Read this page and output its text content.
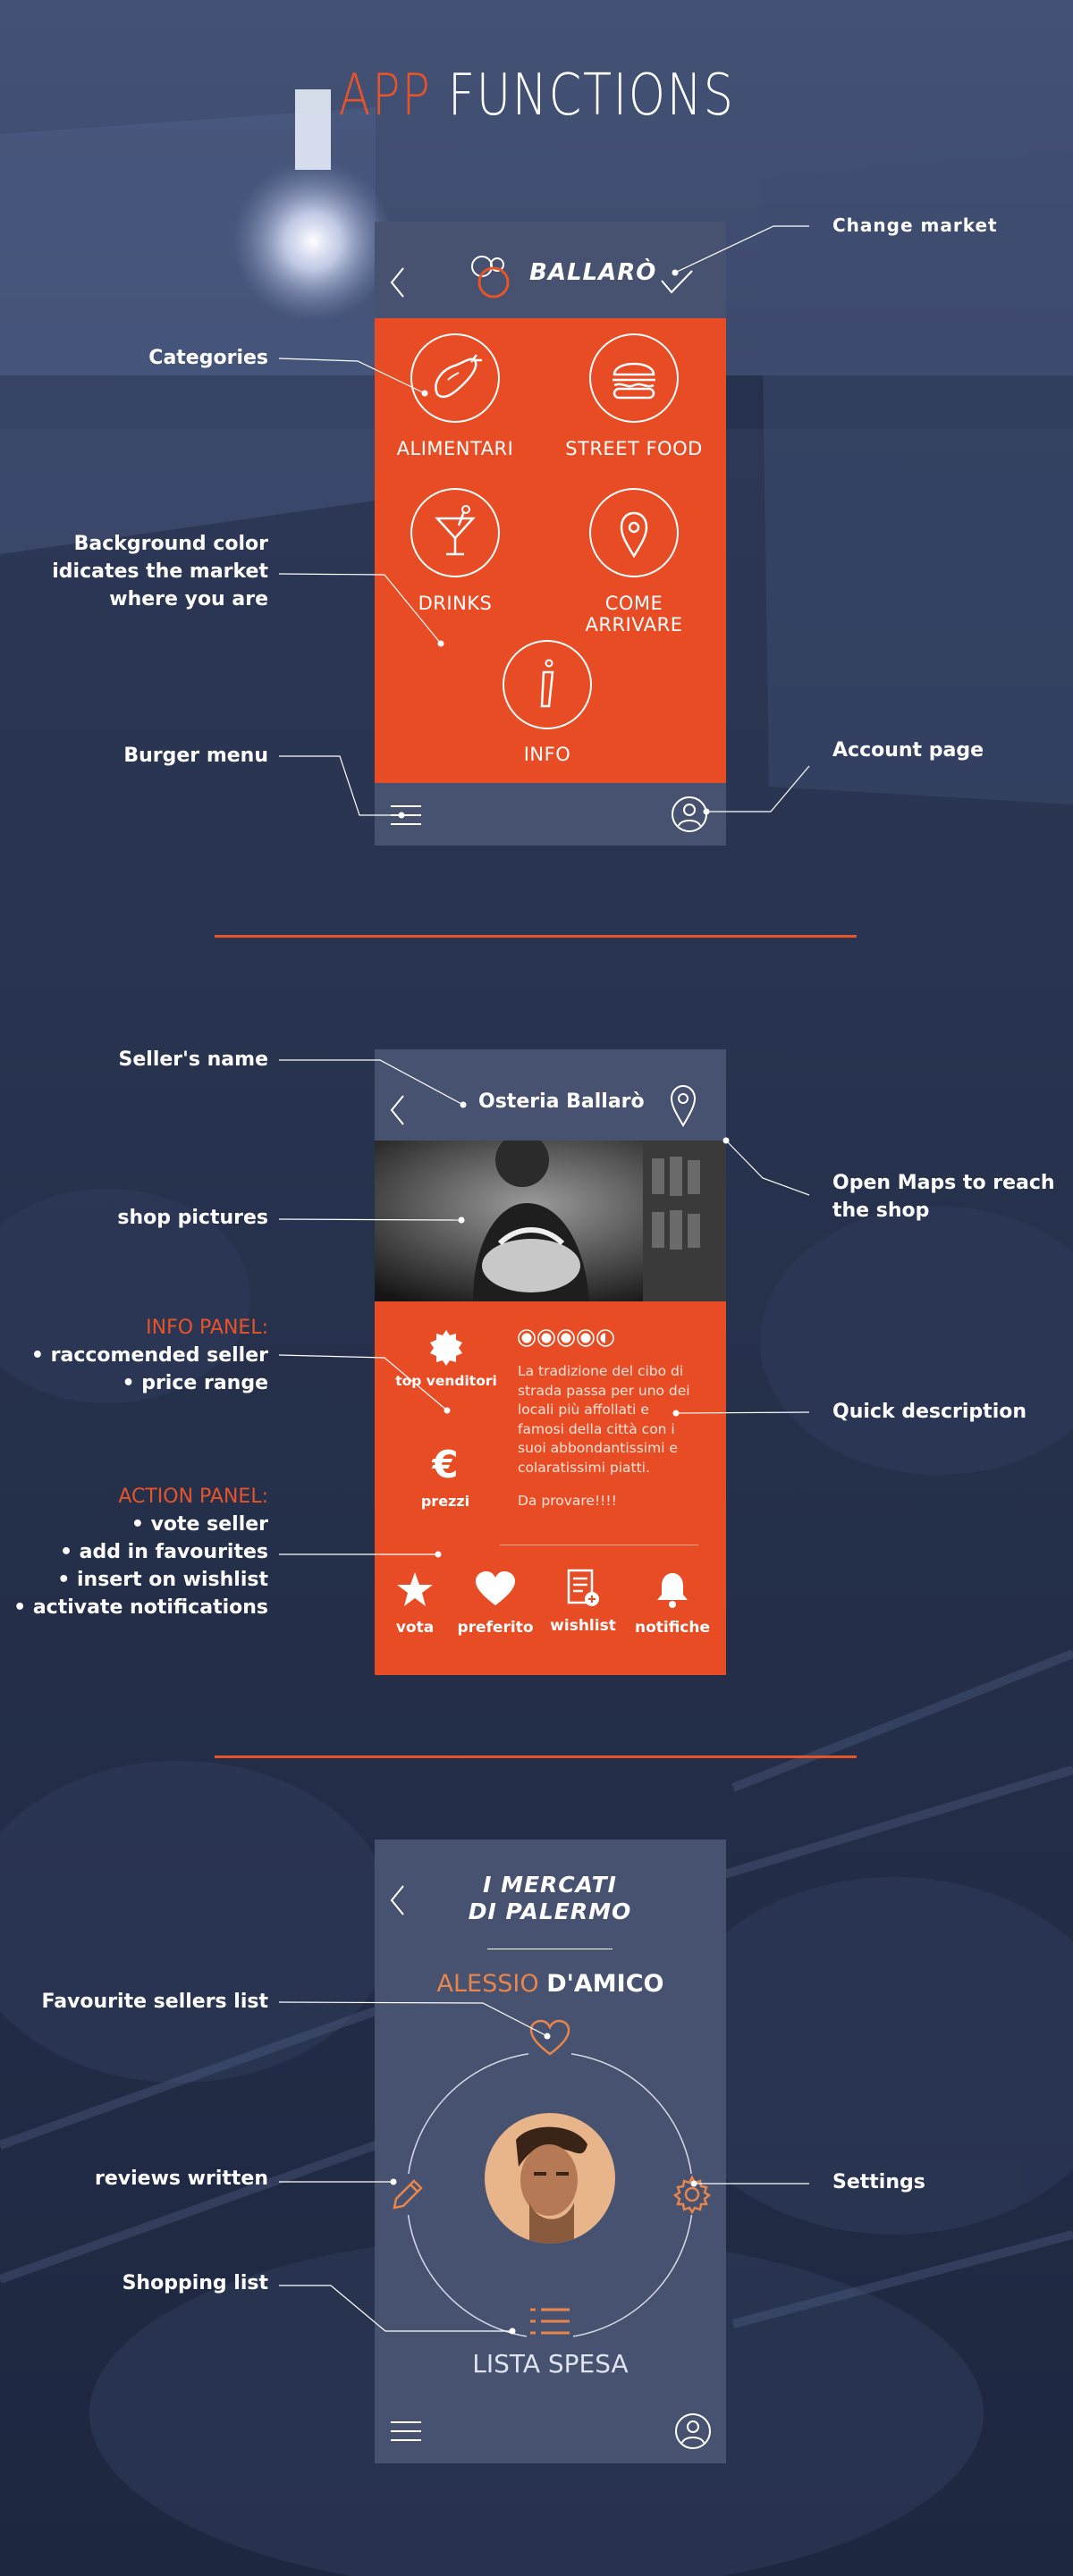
APP FUNCTIONS
BALLARÒ
ALIMENTARI	STREET FOOD
DRINKS	COME ARRIVARE
INFO
Change market
Categories
Background color
idicates the market
where you are
Burger menu	Account page
Osteria Ballarò
top venditori
€
prezzi
La tradizione del cibo di
strada passa per uno dei
locali più affollati e
famosi della città con i
suoi abbondantissimi e
colaratissimi piatti.
Da provare!!!!
vota	preferito	wishlist	notifiche
Seller's name
shop pictures
Open Maps to reach
the shop
INFO PANEL:
• raccomended seller
• price range
Quick description
ACTION PANEL:
• vote seller
• add in favourites
• insert on wishlist
• activate notifications
I MERCATI
DI PALERMO
ALESSIO D'AMICO
LISTA SPESA
Favourite sellers list
reviews written
Shopping list
Settings
